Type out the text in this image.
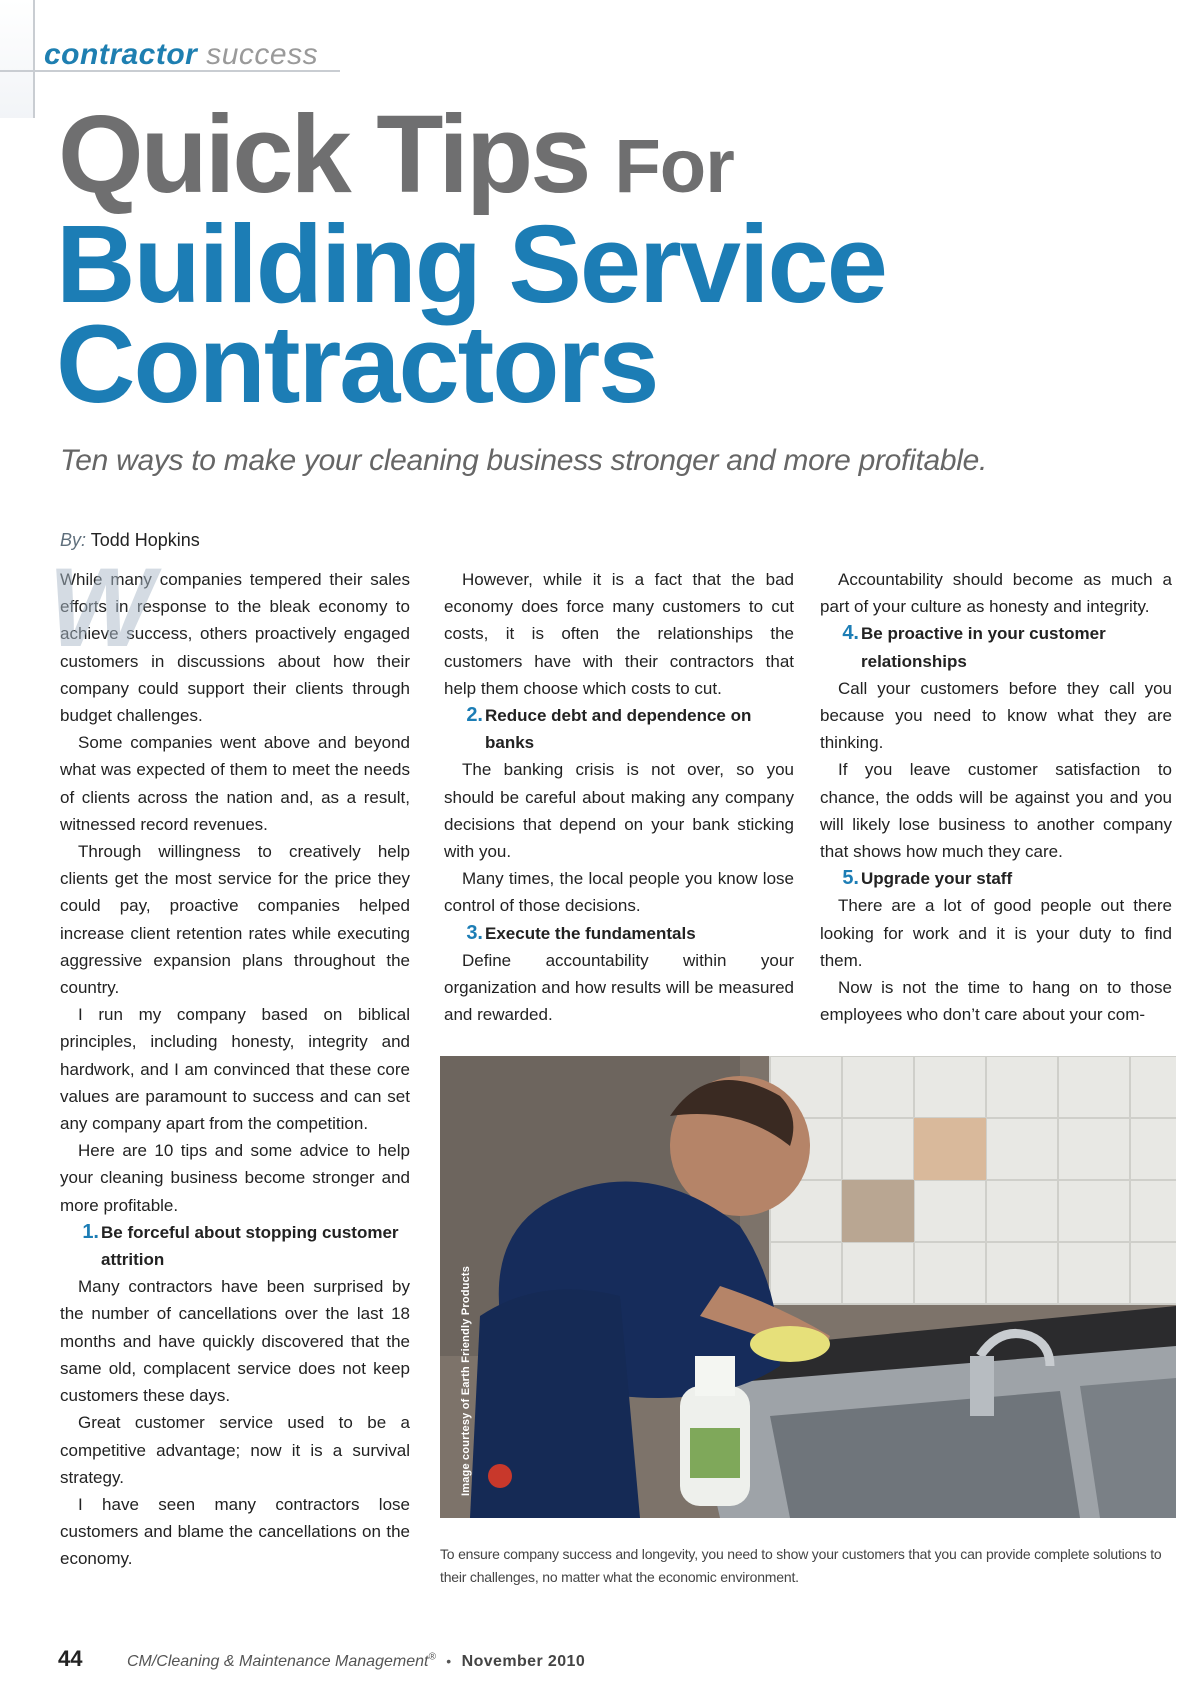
contractor success
Quick Tips For
Building Service
Contractors
Ten ways to make your cleaning business stronger and more profitable.
By: Todd Hopkins
W

While many companies tempered their sales efforts in response to the bleak economy to achieve success, others proactively engaged customers in discussions about how their company could support their clients through budget challenges.

Some companies went above and beyond what was expected of them to meet the needs of clients across the nation and, as a result, witnessed record revenues.

Through willingness to creatively help clients get the most service for the price they could pay, proactive companies helped increase client retention rates while executing aggressive expansion plans throughout the country.

I run my company based on biblical principles, including honesty, integrity and hardwork, and I am convinced that these core values are paramount to success and can set any company apart from the competition.

Here are 10 tips and some advice to help your cleaning business become stronger and more profitable.

1. Be forceful about stopping customer attrition

Many contractors have been surprised by the number of cancellations over the last 18 months and have quickly discovered that the same old, complacent service does not keep customers these days.

Great customer service used to be a competitive advantage; now it is a survival strategy.

I have seen many contractors lose customers and blame the cancellations on the economy.

However, while it is a fact that the bad economy does force many customers to cut costs, it is often the relationships the customers have with their contractors that help them choose which costs to cut.

2. Reduce debt and dependence on banks

The banking crisis is not over, so you should be careful about making any company decisions that depend on your bank sticking with you.

Many times, the local people you know lose control of those decisions.

3. Execute the fundamentals

Define accountability within your organization and how results will be measured and rewarded.

Accountability should become as much a part of your culture as honesty and integrity.

4. Be proactive in your customer relationships

Call your customers before they call you because you need to know what they are thinking.

If you leave customer satisfaction to chance, the odds will be against you and you will likely lose business to another company that shows how much they care.

5. Upgrade your staff

There are a lot of good people out there looking for work and it is your duty to find them.

Now is not the time to hang on to those employees who don’t care about your com-

Image courtesy of Earth Friendly Products
To ensure company success and longevity, you need to show your customers that you can provide complete solutions to their challenges, no matter what the economic environment.
44	CM/Cleaning & Maintenance Management® • November 2010
